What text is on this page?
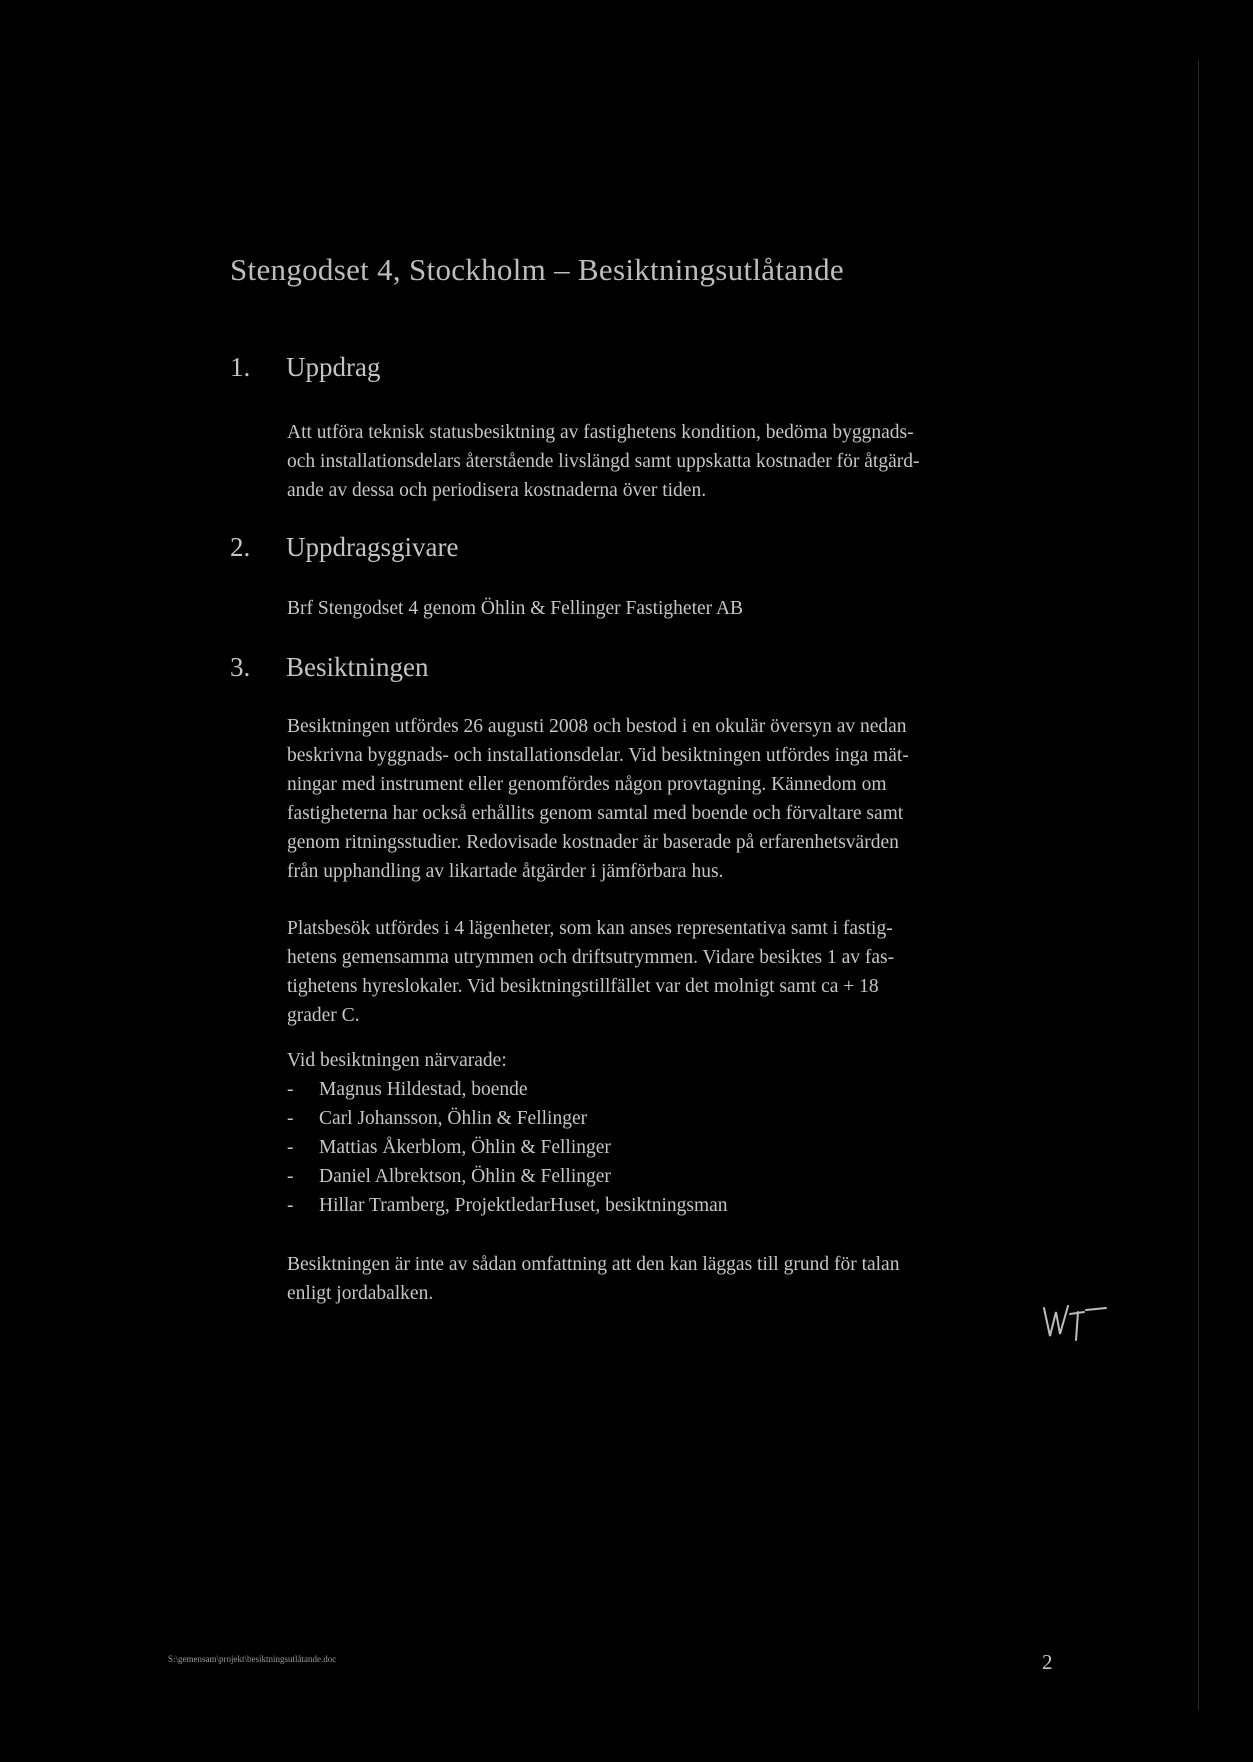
Stengodset 4, Stockholm – Besiktningsutlåtande
1. Uppdrag
Att utföra teknisk statusbesiktning av fastighetens kondition, bedöma byggnads-
och installationsdelars återstående livslängd samt uppskatta kostnader för åtgärd-
ande av dessa och periodisera kostnaderna över tiden.
2. Uppdragsgivare
Brf Stengodset 4 genom Öhlin & Fellinger Fastigheter AB
3. Besiktningen
Besiktningen utfördes 26 augusti 2008 och bestod i en okulär översyn av nedan
beskrivna byggnads- och installationsdelar. Vid besiktningen utfördes inga mät-
ningar med instrument eller genomfördes någon provtagning. Kännedom om
fastigheterna har också erhållits genom samtal med boende och förvaltare samt
genom ritningsstudier. Redovisade kostnader är baserade på erfarenhetsvärden
från upphandling av likartade åtgärder i jämförbara hus.
Platsbesök utfördes i 4 lägenheter, som kan anses representativa samt i fastig-
hetens gemensamma utrymmen och driftsutrymmen. Vidare besiktes 1 av fas-
tighetens hyreslokaler. Vid besiktningstillfället var det molnigt samt ca + 18
grader C.
Vid besiktningen närvarade:
- Magnus Hildestad, boende
- Carl Johansson, Öhlin & Fellinger
- Mattias Åkerblom, Öhlin & Fellinger
- Daniel Albrektson, Öhlin & Fellinger
- Hillar Tramberg, ProjektledarHuset, besiktningsman
Besiktningen är inte av sådan omfattning att den kan läggas till grund för talan
enligt jordabalken.
S:\gemensam\projekt\besiktningsutlåtande.doc	2
